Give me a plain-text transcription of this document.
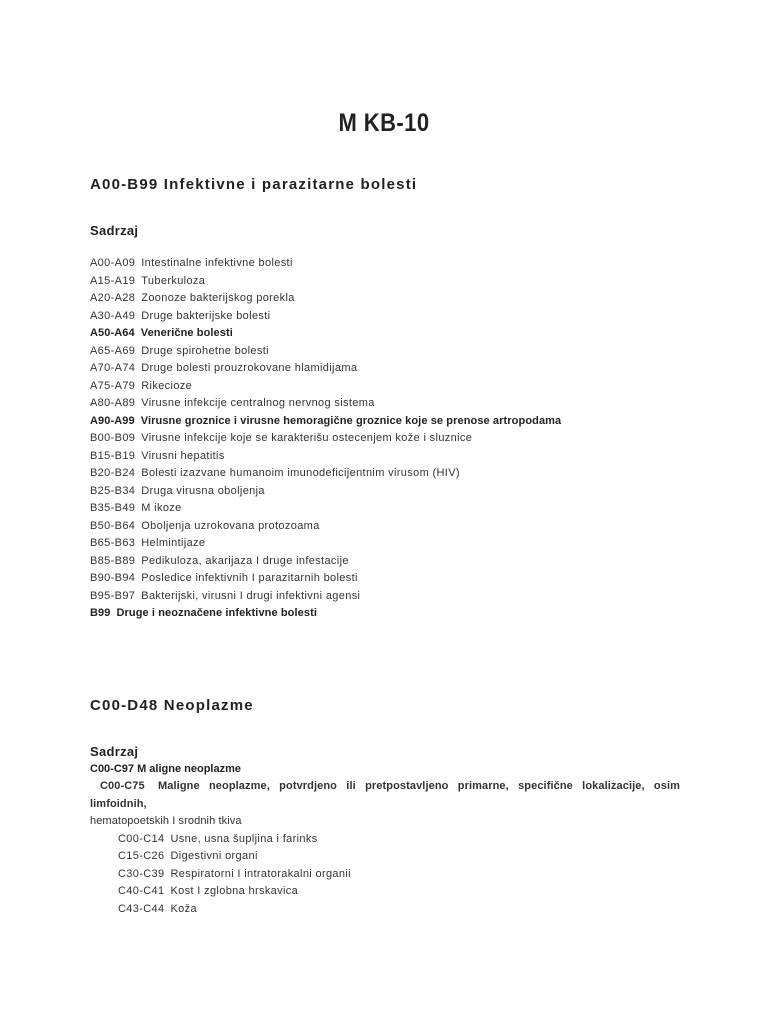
M KB-10
A00-B99 Infektivne i parazitarne bolesti
Sadrzaj
A00-A09 Intestinalne infektivne bolesti
A15-A19 Tuberkuloza
A20-A28 Zoonoze bakterijskog porekla
A30-A49 Druge bakterijske bolesti
A50-A64 Venerične bolesti
A65-A69 Druge spirohetne bolesti
A70-A74 Druge bolesti prouzrokovane hlamidijama
A75-A79 Rikecioze
A80-A89 Virusne infekcije centralnog nervnog sistema
A90-A99 Virusne groznice i virusne hemoragične groznice koje se prenose artropodama
B00-B09 Virusne infekcije koje se karakterišu ostecenjem kože i sluznice
B15-B19 Virusni hepatitis
B20-B24 Bolesti izazvane humanoim imunodeficijentnim virusom (HIV)
B25-B34 Druga virusna oboljenja
B35-B49 M ikoze
B50-B64 Oboljenja uzrokovana protozoama
B65-B63 Helmintijaze
B85-B89 Pedikuloza, akarijaza I druge infestacije
B90-B94 Posledice infektivnih I parazitarnih bolesti
B95-B97 Bakterijski, virusni I drugi infektivni agensi
B99 Druge i neoznačene infektivne bolesti
C00-D48 Neoplazme
Sadrzaj
C00-C97 M aligne neoplazme
C00-C75 Maligne neoplazme, potvrdjeno ili pretpostavljeno primarne, specifične lokalizacije, osim limfoidnih,
hematopoetskih I srodnih tkiva
C00-C14 Usne, usna šupljina i farinks
C15-C26 Digestivni organi
C30-C39 Respiratorni I intratorakalni organii
C40-C41 Kost I zglobna hrskavica
C43-C44 Koža
